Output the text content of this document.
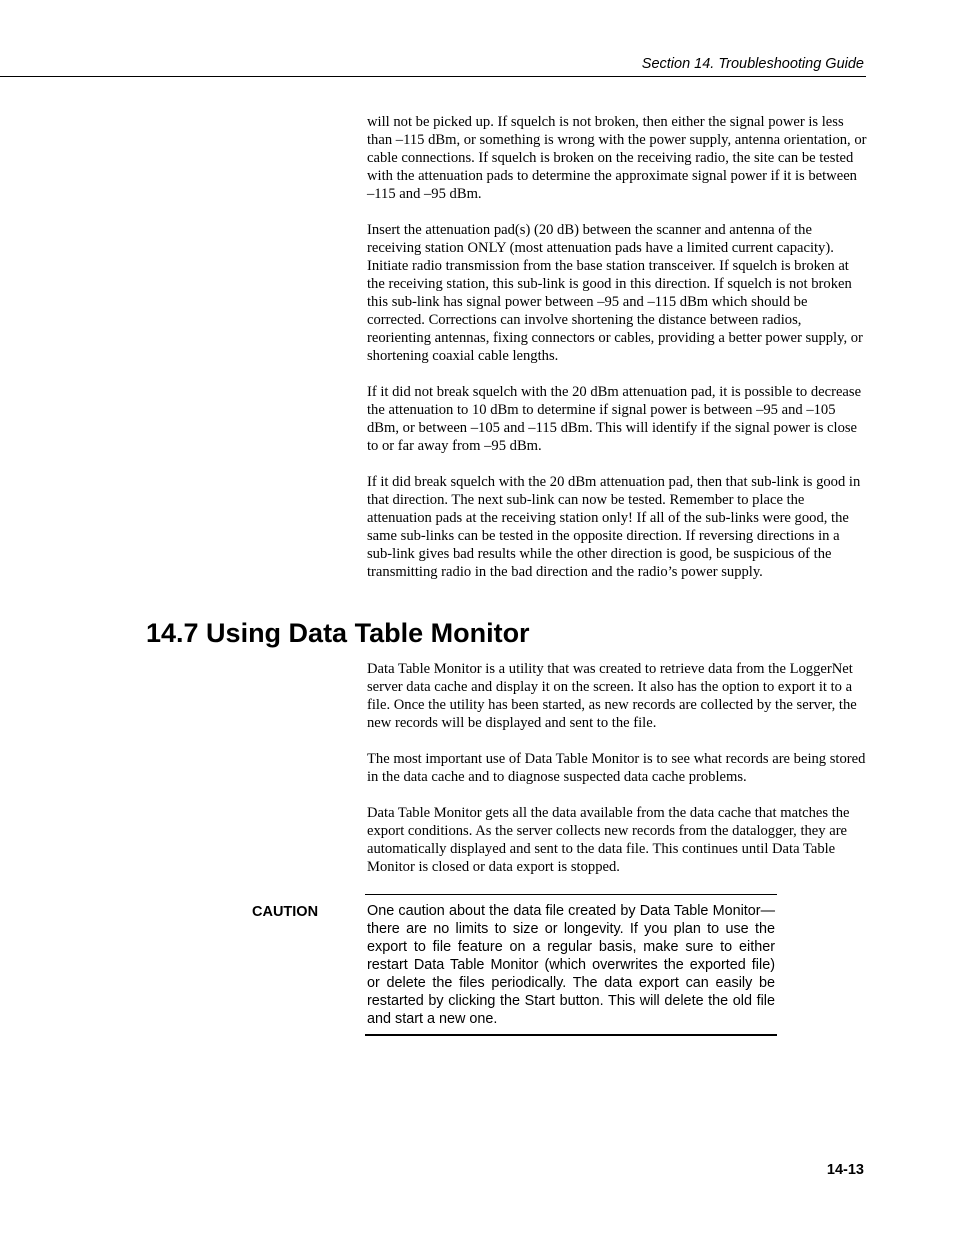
Section 14. Troubleshooting Guide

will not be picked up. If squelch is not broken, then either the signal power is less than –115 dBm, or something is wrong with the power supply, antenna orientation, or cable connections. If squelch is broken on the receiving radio, the site can be tested with the attenuation pads to determine the approximate signal power if it is between –115 and –95 dBm.

Insert the attenuation pad(s) (20 dB) between the scanner and antenna of the receiving station ONLY (most attenuation pads have a limited current capacity). Initiate radio transmission from the base station transceiver. If squelch is broken at the receiving station, this sub-link is good in this direction. If squelch is not broken this sub-link has signal power between –95 and –115 dBm which should be corrected. Corrections can involve shortening the distance between radios, reorienting antennas, fixing connectors or cables, providing a better power supply, or shortening coaxial cable lengths.

If it did not break squelch with the 20 dBm attenuation pad, it is possible to decrease the attenuation to 10 dBm to determine if signal power is between –95 and –105 dBm, or between –105 and –115 dBm. This will identify if the signal power is close to or far away from –95 dBm.

If it did break squelch with the 20 dBm attenuation pad, then that sub-link is good in that direction. The next sub-link can now be tested. Remember to place the attenuation pads at the receiving station only! If all of the sub-links were good, the same sub-links can be tested in the opposite direction. If reversing directions in a sub-link gives bad results while the other direction is good, be suspicious of the transmitting radio in the bad direction and the radio’s power supply.

14.7 Using Data Table Monitor

Data Table Monitor is a utility that was created to retrieve data from the LoggerNet server data cache and display it on the screen. It also has the option to export it to a file. Once the utility has been started, as new records are collected by the server, the new records will be displayed and sent to the file.

The most important use of Data Table Monitor is to see what records are being stored in the data cache and to diagnose suspected data cache problems.

Data Table Monitor gets all the data available from the data cache that matches the export conditions. As the server collects new records from the datalogger, they are automatically displayed and sent to the data file. This continues until Data Table Monitor is closed or data export is stopped.

CAUTION	One caution about the data file created by Data Table Monitor—there are no limits to size or longevity. If you plan to use the export to file feature on a regular basis, make sure to either restart Data Table Monitor (which overwrites the exported file) or delete the files periodically. The data export can easily be restarted by clicking the Start button. This will delete the old file and start a new one.

14-13
